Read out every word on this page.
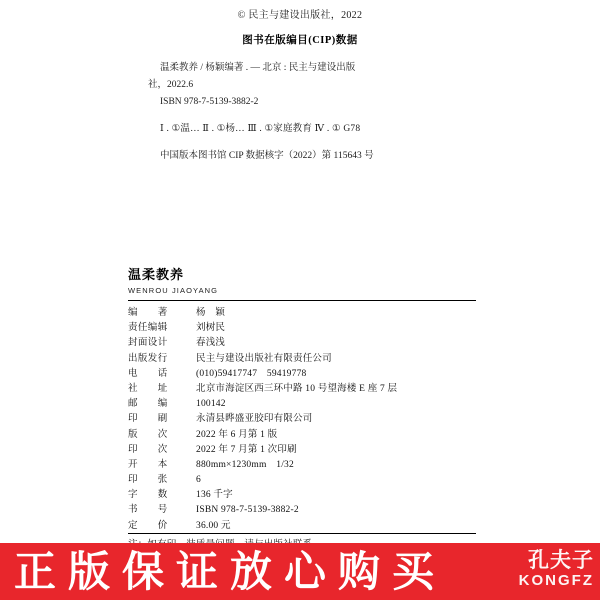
© 民主与建设出版社，2022
图书在版编目(CIP)数据
温柔教养 / 杨颖编著 . — 北京 : 民主与建设出版
社，2022.6
ISBN 978-7-5139-3882-2
Ⅰ . ①温… Ⅱ . ①杨… Ⅲ . ①家庭教育 Ⅳ . ① G78
中国版本图书馆 CIP 数据核字（2022）第 115643 号
温柔教养
WENROU JIAOYANG
编　　著	杨　颖
责任编辑	刘树民
封面设计	春浅浅
出版发行	民主与建设出版社有限责任公司
电　　话	(010)59417747　59419778
社　　址	北京市海淀区西三环中路 10 号望海楼 E 座 7 层
邮　　编	100142
印　　刷	永清县晔盛亚胶印有限公司
版　　次	2022 年 6 月第 1 版
印　　次	2022 年 7 月第 1 次印刷
开　　本	880mm×1230mm　1/32
印　　张	6
字　　数	136 千字
书　　号	ISBN 978-7-5139-3882-2
定　　价	36.00 元
正版保证放心购买	孔夫子
KONGFZ
